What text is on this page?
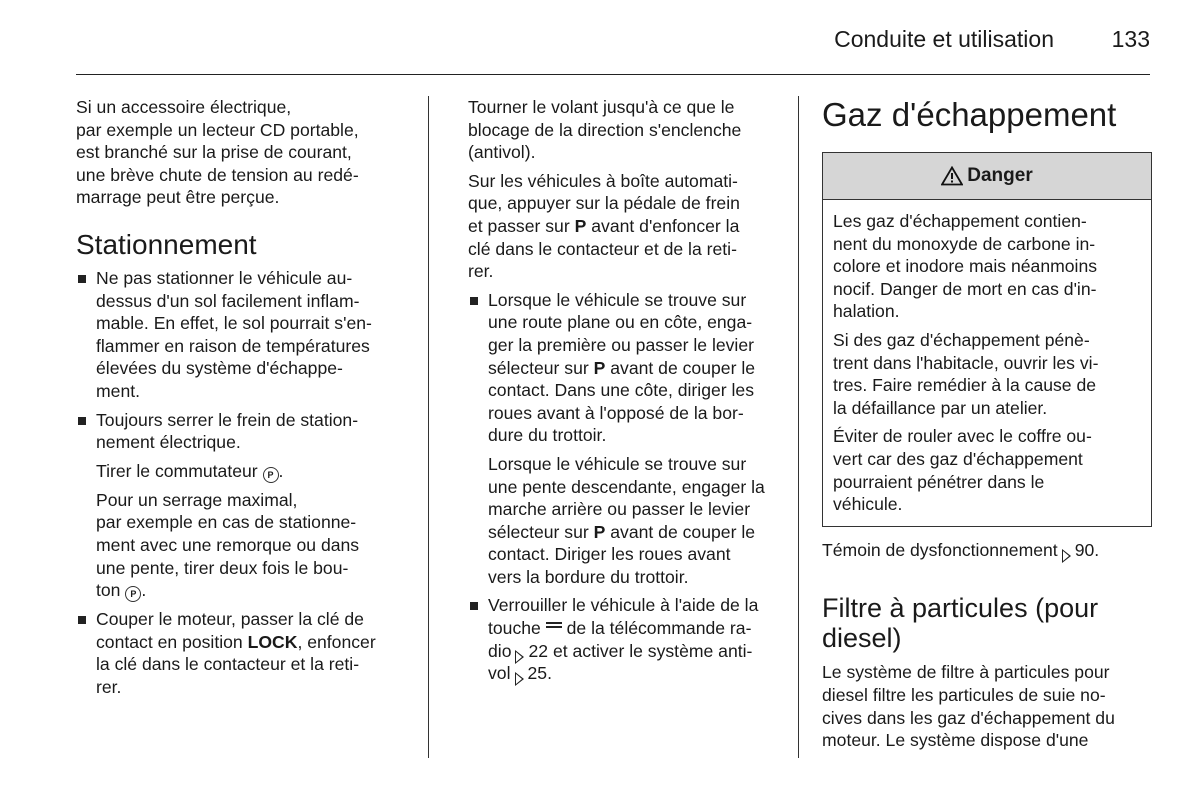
Conduite et utilisation	133

Si un accessoire électrique,
par exemple un lecteur CD portable,
est branché sur la prise de courant,
une brève chute de tension au redé-
marrage peut être perçue.

Stationnement

Ne pas stationner le véhicule au-
dessus d'un sol facilement inflam-
mable. En effet, le sol pourrait s'en-
flammer en raison de températures
élevées du système d'échappe-
ment.

Toujours serrer le frein de station-
nement électrique.

Tirer le commutateur P .

Pour un serrage maximal,
par exemple en cas de stationne-
ment avec une remorque ou dans
une pente, tirer deux fois le bou-
ton P .

Couper le moteur, passer la clé de
contact en position LOCK, enfoncer
la clé dans le contacteur et la reti-
rer.

Tourner le volant jusqu'à ce que le
blocage de la direction s'enclenche
(antivol).

Sur les véhicules à boîte automati-
que, appuyer sur la pédale de frein
et passer sur P avant d'enfoncer la
clé dans le contacteur et de la reti-
rer.

Lorsque le véhicule se trouve sur
une route plane ou en côte, enga-
ger la première ou passer le levier
sélecteur sur P avant de couper le
contact. Dans une côte, diriger les
roues avant à l'opposé de la bor-
dure du trottoir.

Lorsque le véhicule se trouve sur
une pente descendante, engager la
marche arrière ou passer le levier
sélecteur sur P avant de couper le
contact. Diriger les roues avant
vers la bordure du trottoir.

Verrouiller le véhicule à l'aide de la
touche de la télécommande ra-
dio 22 et activer le système anti-
vol 25.

Gaz d'échappement
Danger

Les gaz d'échappement contien-
nent du monoxyde de carbone in-
colore et inodore mais néanmoins
nocif. Danger de mort en cas d'in-
halation.

Si des gaz d'échappement pénè-
trent dans l'habitacle, ouvrir les vi-
tres. Faire remédier à la cause de
la défaillance par un atelier.

Éviter de rouler avec le coffre ou-
vert car des gaz d'échappement
pourraient pénétrer dans le
véhicule.

Témoin de dysfonctionnement 90.

Filtre à particules (pour
diesel)

Le système de filtre à particules pour
diesel filtre les particules de suie no-
cives dans les gaz d'échappement du
moteur. Le système dispose d'une
